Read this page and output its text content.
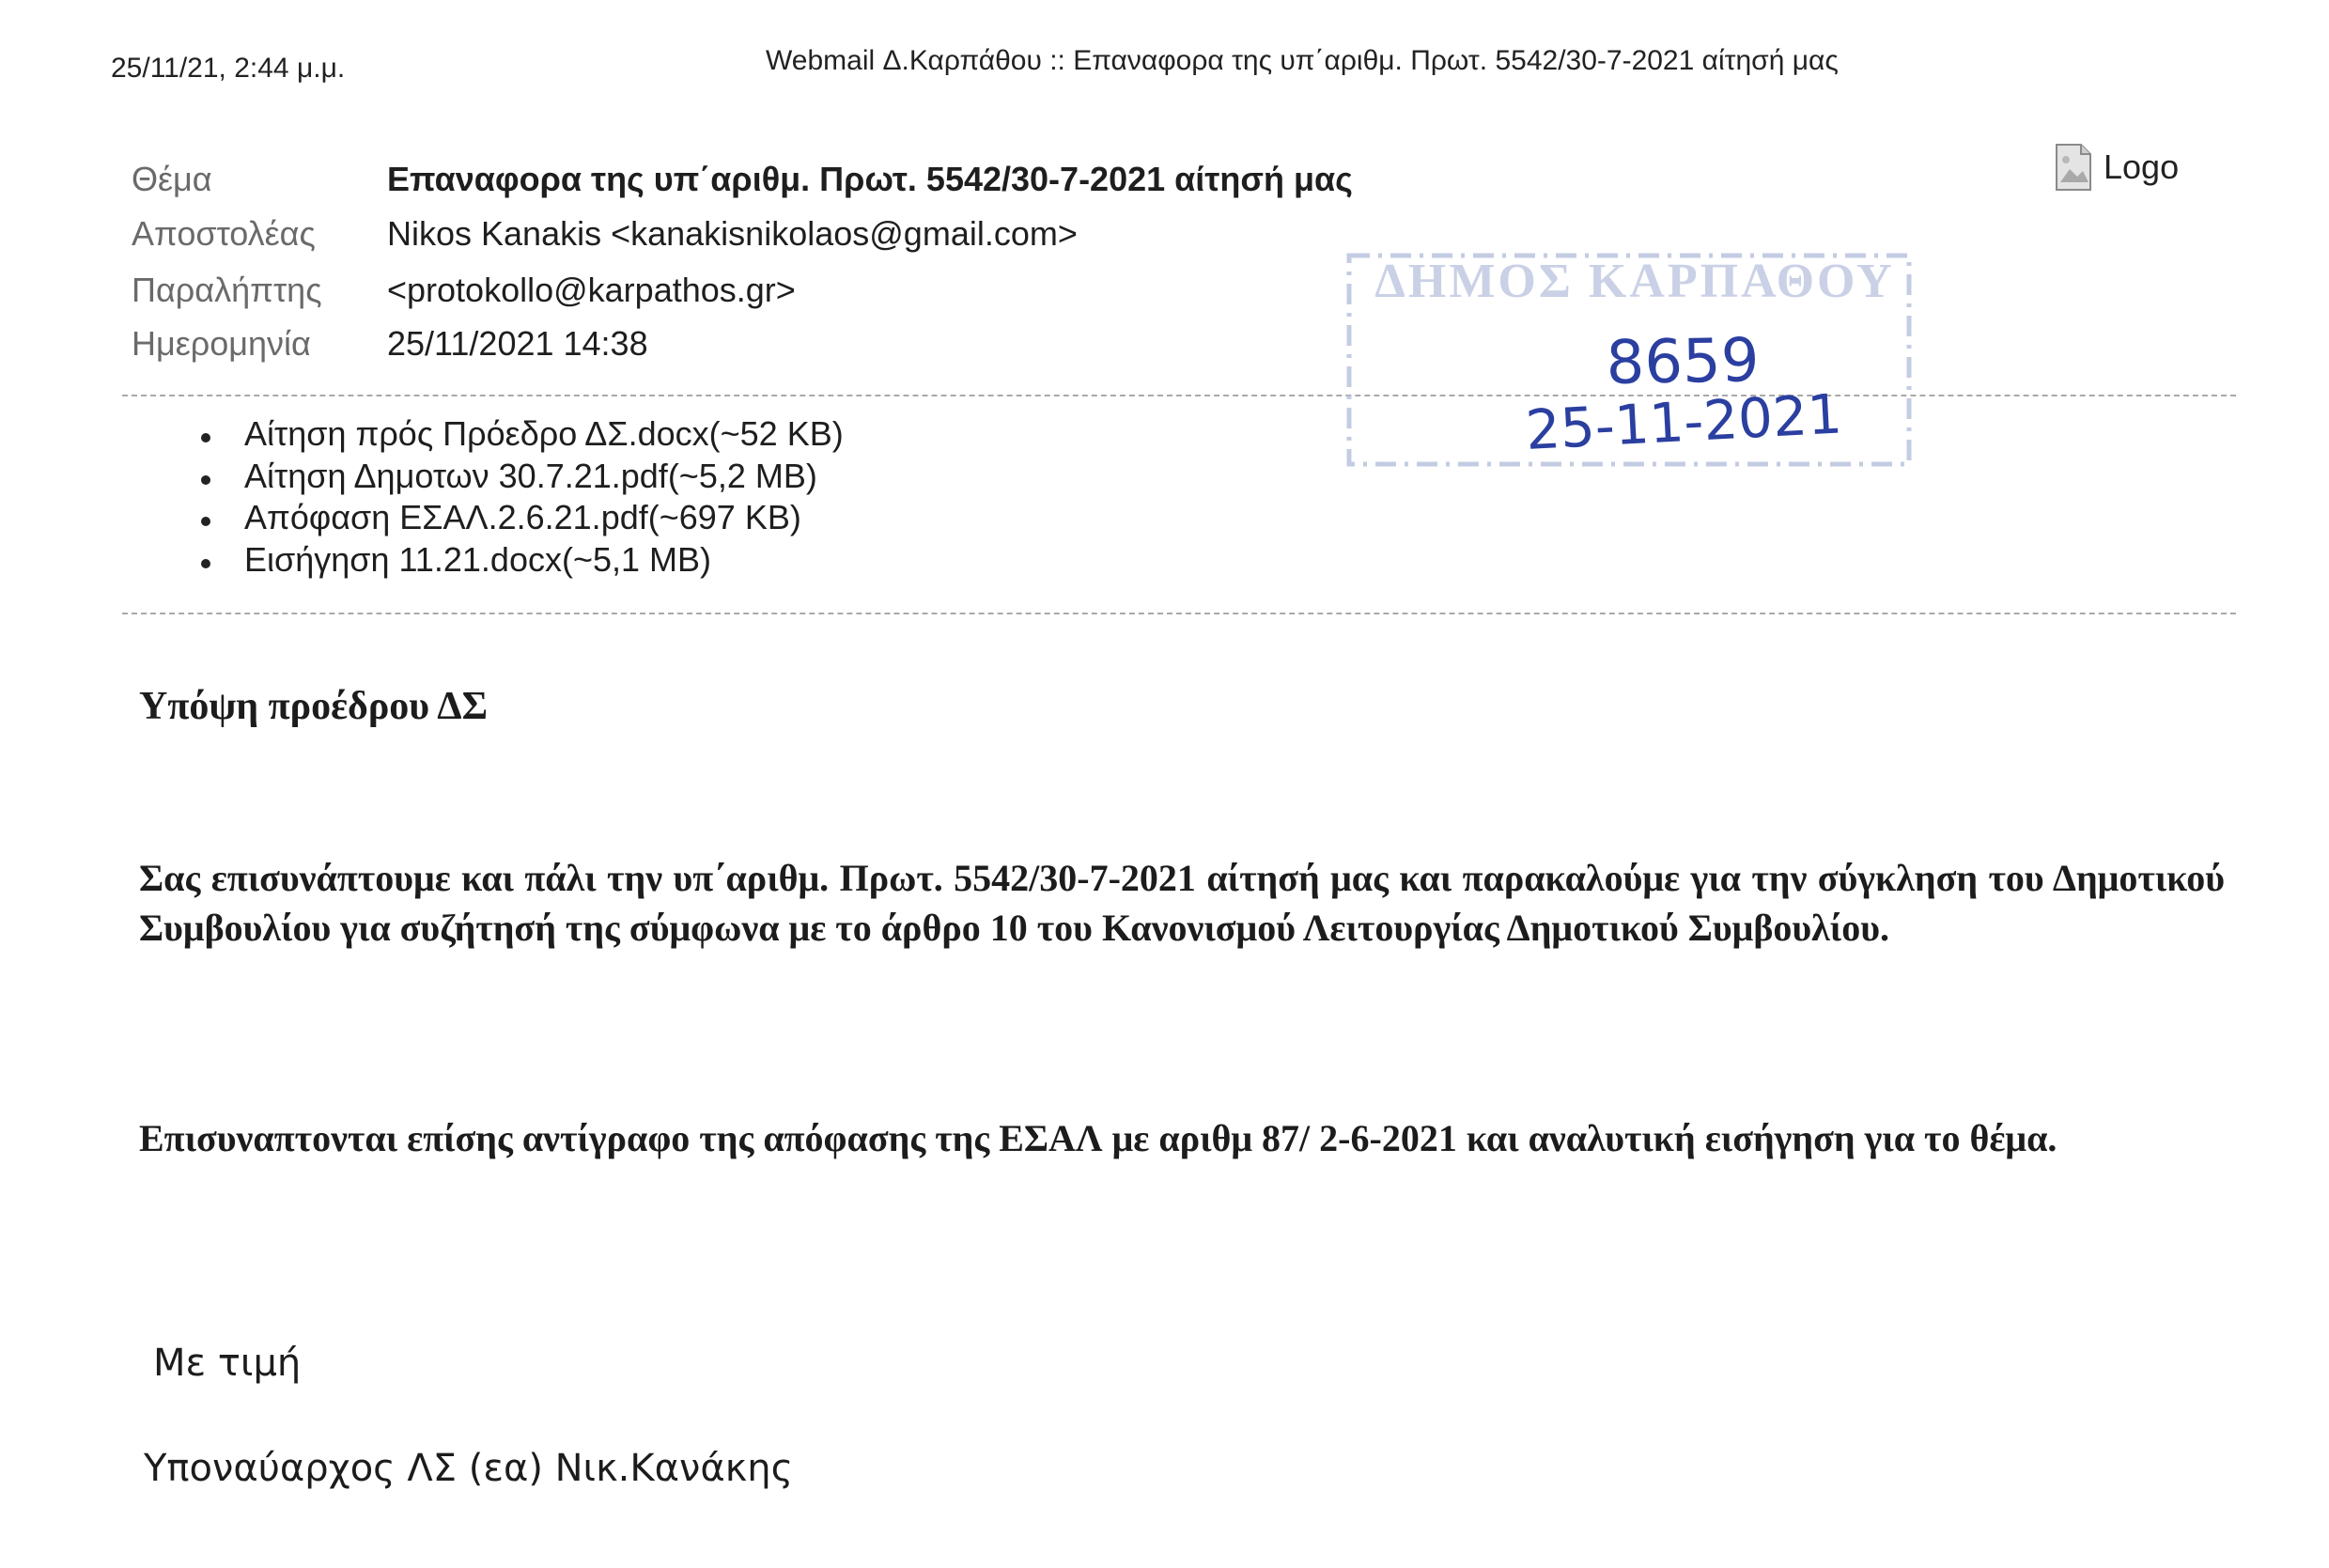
25/11/21, 2:44 μ.μ.	Webmail Δ.Καρπάθου :: Επαναφορα της υπ΄αριθμ. Πρωτ. 5542/30-7-2021 αίτησή μας
Logo
Θέμα	Επαναφορα της υπ΄αριθμ. Πρωτ. 5542/30-7-2021 αίτησή μας
Αποστολέας	Nikos Kanakis <kanakisnikolaos@gmail.com>
Παραλήπτης	<protokollo@karpathos.gr>
Ημερομηνία	25/11/2021 14:38
Αίτηση πρός Πρόεδρο ΔΣ.docx(~52 KB)
Αίτηση Δημοτων 30.7.21.pdf(~5,2 MB)
Απόφαση ΕΣΑΛ.2.6.21.pdf(~697 KB)
Εισήγηση 11.21.docx(~5,1 MB)
ΔΗΜΟΣ ΚΑΡΠΑΘΟΥ
8659
25-11-2021
Υπόψη προέδρου ΔΣ
Σας επισυνάπτουμε και πάλι την υπ΄αριθμ. Πρωτ. 5542/30-7-2021 αίτησή μας και παρακαλούμε για την σύγκληση του Δημοτικού Συμβουλίου για συζήτησή της σύμφωνα με το άρθρο 10 του Κανονισμού Λειτουργίας Δημοτικού Συμβουλίου.
Επισυναπτονται επίσης αντίγραφο της απόφασης της ΕΣΑΛ με αριθμ 87/ 2-6-2021 και αναλυτική εισήγηση για το θέμα.
Με τιμή
Υποναύαρχος ΛΣ (εα) Νικ.Κανάκης
